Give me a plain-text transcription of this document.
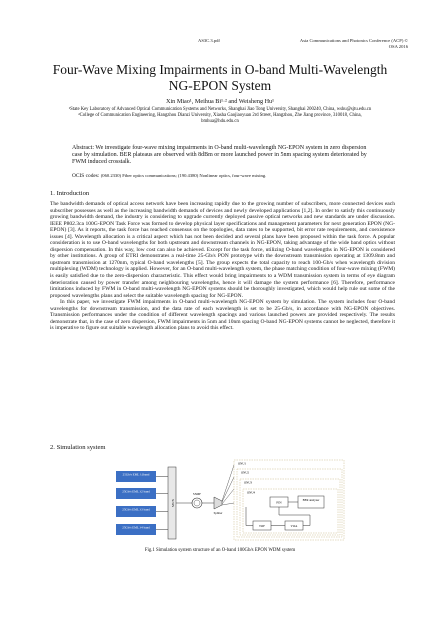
AS3C.3.pdf	Asia Communications and Photonics Conference (ACP) ©
OSA 2016
Four-Wave Mixing Impairments in O-band Multi-Wavelength NG-EPON System
Xin Miao¹, Meihua Bi¹·² and Weisheng Hu¹
¹State Key Laboratory of Advanced Optical Communication Systems and Networks, Shanghai Jiao Tong University, Shanghai 200240, China, wshu@sjtu.edu.cn
²College of Communication Engineering, Hangzhou Dianzi University, Xiasha Gaojiaoyuan 2rd Street, Hangzhou, Zhe Jiang province, 310018, China, bmhua@hdu.edu.cn
Abstract: We investigate four-wave mixing impairments in O-band multi-wavelength NG-EPON system in zero dispersion case by simulation. BER plateaus are observed with 8dBm or more launched power in 5nm spacing system deteriorated by FWM induced crosstalk.
OCIS codes: (060.2330) Fiber optics communications; (190.4380) Nonlinear optics, four-wave mixing.
1. Introduction

The bandwidth demands of optical access network have been increasing rapidly due to the growing number of subscribers, more connected devices each subscriber possesses as well as the increasing bandwidth demands of devices and newly developed applications [1,2]. In order to satisfy this continuously growing bandwidth demand, the industry is considering to upgrade currently deployed passive optical networks and new standards are under discussion. IEEE P802.3ca 100G-EPON Task Force was formed to develop physical layer specifications and management parameters for next generation EPON (NG-EPON) [3]. As it reports, the task force has reached consensus on the topologies, data rates to be supported, bit error rate requirements, and coexistence issues [4]. Wavelength allocation is a critical aspect which has not been decided and several plans have been proposed within the task force. A popular consideration is to use O-band wavelengths for both upstream and downstream channels in NG-EPON, taking advantage of the wide band optics without dispersion compensation. In this way, low cost can also be achieved. Except for the task force, utilizing O-band wavelengths in NG-EPON is considered by other institutions. A group of ETRI demonstrates a real-time 25-Gb/s PON prototype with the downstream transmission operating at 1309.8nm and upstream transmission at 1270nm, typical O-band wavelengths [5]. The group expects the total capacity to reach 100-Gb/s when wavelength division multiplexing (WDM) technology is applied. However, for an O-band multi-wavelength system, the phase matching condition of four-wave mixing (FWM) is easily satisfied due to the zero-dispersion characteristic. This effect would bring impairments to a WDM transmission system in terms of eye diagram deterioration caused by power transfer among neighbouring wavelengths, hence it will damage the system performance [6]. Therefore, performance limitations induced by FWM in O-band multi-wavelength NG-EPON systems should be thoroughly investigated, which would help rule out some of the proposed wavelengths plans and select the suitable wavelength spacing for NG-EPON.

In this paper, we investigate FWM impairments in O-band multi-wavelength NG-EPON system by simulation. The system includes four O-band wavelengths for downstream transmission, and the data rate of each wavelength is set to be 25-Gb/s, in accordance with NG-EPON objectives. Transmission performances under the condition of different wavelength spacings and various launched powers are provided respectively. The results demonstrate that, in the case of zero dispersion, FWM impairments in 5nm and 10nm spacing O-band NG-EPON systems cannot be neglected, therefore it is imperative to figure out suitable wavelength allocation plans to avoid this effect.

2. Simulation system
25Gb/s EML λ1band
25Gb/s EML λ2 band
25Gb/s EML λ3 band
25Gb/s EML λ4 band
MUX
SSMF
Splitter
ONU1
ONU2
ONU3
ONU4
PIN
BER analyzer
TOF	VOA
Fig.1 Simulation system structure of an O-band 100Gb/s EPON WDM system
